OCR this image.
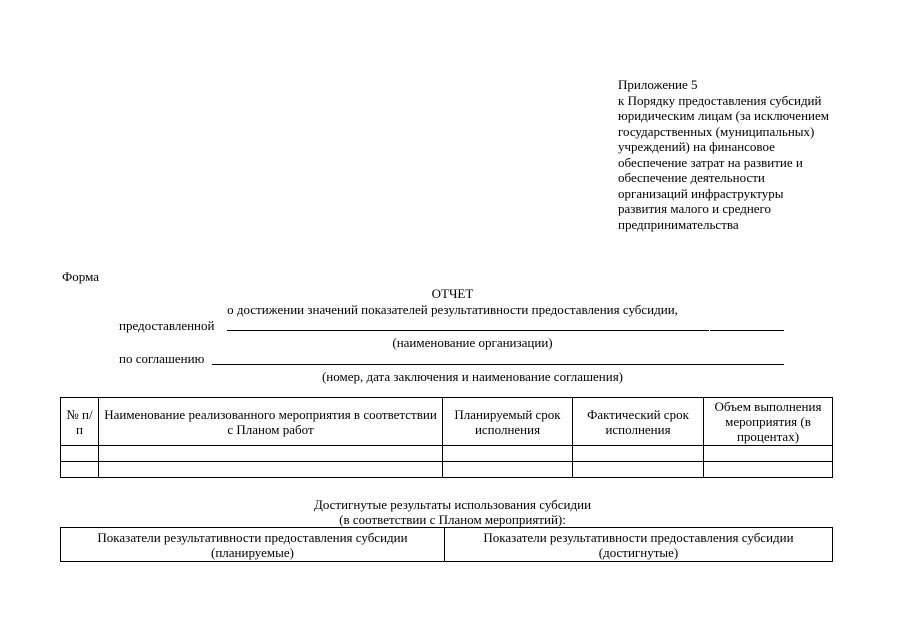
Приложение 5
к Порядку предоставления субсидий
юридическим лицам (за исключением
государственных (муниципальных)
учреждений) на финансовое
обеспечение затрат на развитие и
обеспечение деятельности
организаций инфраструктуры
развития малого и среднего
предпринимательства
Форма
ОТЧЕТ
о достижении значений показателей результативности предоставления субсидии,
предоставленной
(наименование организации)
по соглашению
(номер, дата заключения и наименование соглашения)
№ п/п	Наименование реализованного мероприятия в соответствии с Планом работ	Планируемый срок исполнения	Фактический срок исполнения	Объем выполнения мероприятия (в процентах)

Достигнутые результаты использования субсидии
(в соответствии с Планом мероприятий):
Показатели результативности предоставления субсидии (планируемые)	Показатели результативности предоставления субсидии (достигнутые)
